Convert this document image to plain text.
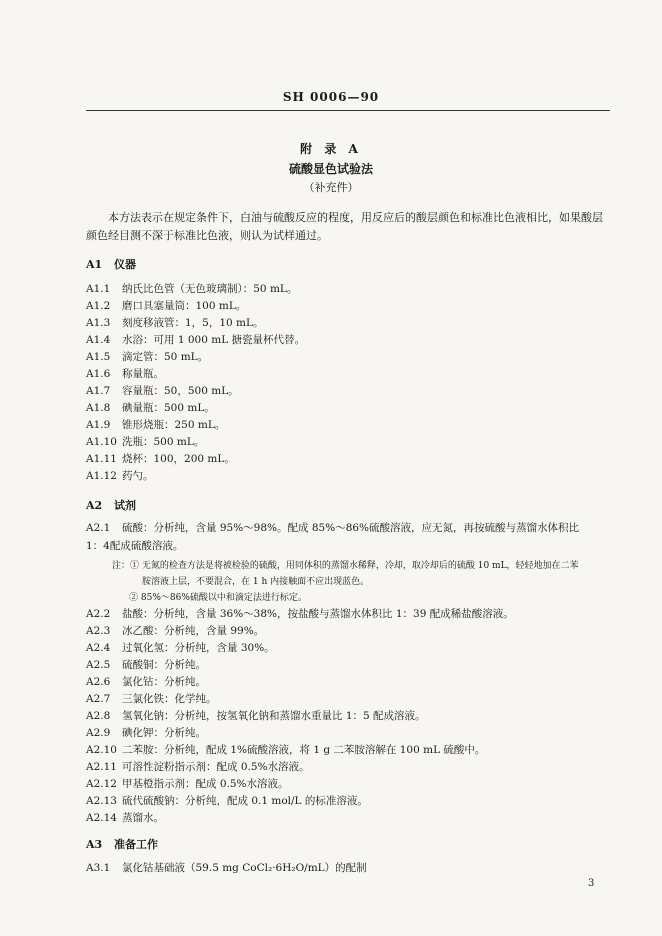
SH 0006—90
附 录 A
硫酸显色试验法
（补充件）
本方法表示在规定条件下，白油与硫酸反应的程度，用反应后的酸层颜色和标准比色液相比，如果酸层颜色经目测不深于标准比色液，则认为试样通过。
A1 仪器
A1.1 纳氏比色管（无色玻璃制）：50 mL。
A1.2 磨口具塞量筒：100 mL。
A1.3 刻度移液管：1，5，10 mL。
A1.4 水浴：可用 1 000 mL 搪瓷量杯代替。
A1.5 滴定管：50 mL。
A1.6 称量瓶。
A1.7 容量瓶：50，500 mL。
A1.8 碘量瓶：500 mL。
A1.9 锥形烧瓶：250 mL。
A1.10 洗瓶：500 mL。
A1.11 烧杯：100，200 mL。
A1.12 药勺。
A2 试剂
A2.1 硫酸：分析纯，含量 95%～98%。配成 85%～86%硫酸溶液，应无氮，再按硫酸与蒸馏水体积比
1：4配成硫酸溶液。
注：① 无氮的检查方法是将被检验的硫酸，用同体积的蒸馏水稀释，冷却，取冷却后的硫酸 10 mL，轻轻地加在二苯
胺溶液上层，不要混合，在 1 h 内接触面不应出现蓝色。
② 85%～86%硫酸以中和滴定法进行标定。
A2.2 盐酸：分析纯，含量 36%～38%，按盐酸与蒸馏水体积比 1：39 配成稀盐酸溶液。
A2.3 冰乙酸：分析纯，含量 99%。
A2.4 过氧化氢：分析纯，含量 30%。
A2.5 硫酸铜：分析纯。
A2.6 氯化钴：分析纯。
A2.7 三氯化铁：化学纯。
A2.8 氢氧化钠：分析纯，按氢氧化钠和蒸馏水重量比 1：5 配成溶液。
A2.9 碘化钾：分析纯。
A2.10 二苯胺：分析纯，配成 1%硫酸溶液，将 1 g 二苯胺溶解在 100 mL 硫酸中。
A2.11 可溶性淀粉指示剂：配成 0.5%水溶液。
A2.12 甲基橙指示剂：配成 0.5%水溶液。
A2.13 硫代硫酸钠：分析纯，配成 0.1 mol/L 的标准溶液。
A2.14 蒸馏水。
A3 准备工作
A3.1 氯化钴基础液（59.5 mg CoCl₂·6H₂O/mL）的配制
3
